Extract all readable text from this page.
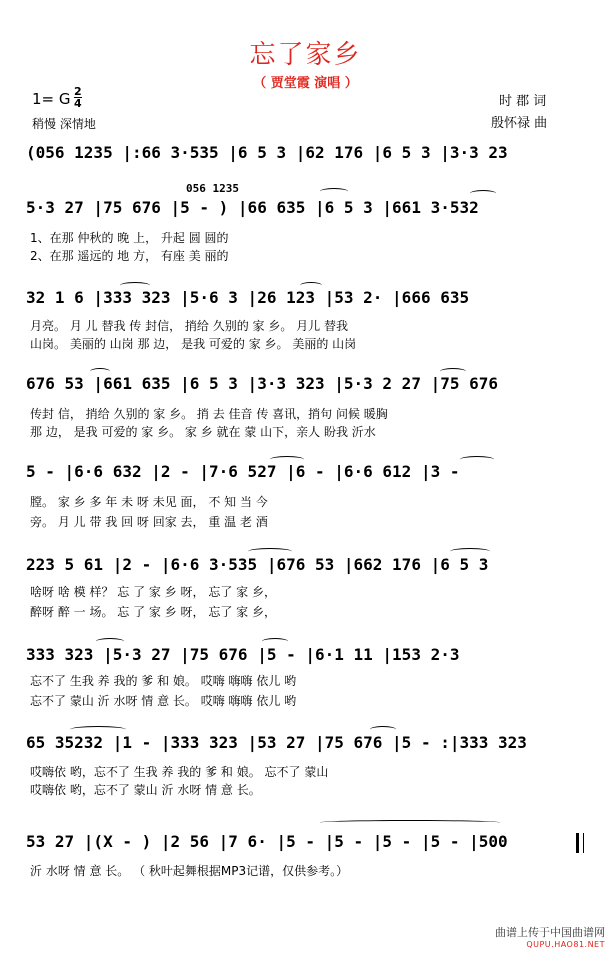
忘了家乡
（ 贾堂霞 演唱 ）
1= G $\frac{2}{4}$
稍慢 深情地
时 郡 词
殷怀禄 曲
(056 1235 |:66 3·535 |6 5 3 |62 176 |6 5 3 |3·3 23
056 1235
5·3 27 |75 676 |5 - ) |66 635 |6 5 3 |661 3·532
1、在那 仲秋的 晚 上， 升起 圆 圆的
2、在那 遥远的 地 方， 有座 美 丽的
32 1 6 |333 323 |5·6 3 |26 123 |53 2· |666 635
月亮。 月 儿 替我 传 封信， 捎给 久别的 家 乡。 月儿 替我
山岗。 美丽的 山岗 那 边， 是我 可爱的 家 乡。 美丽的 山岗
676 53 |661 635 |6 5 3 |3·3 323 |5·3 2 27 |75 676
传封 信， 捎给 久别的 家 乡。 捎 去 佳音 传 喜讯，捎句 问候 暖胸
那 边， 是我 可爱的 家 乡。 家 乡 就在 蒙 山下，亲人 盼我 沂水
5 - |6·6 632 |2 - |7·6 527 |6 - |6·6 612 |3 -
膛。 家 乡 多 年 未 呀 未见 面， 不 知 当 今
旁。 月 儿 带 我 回 呀 回家 去， 重 温 老 酒
223 5 61 |2 - |6·6 3·535 |676 53 |662 176 |6 5 3
啥呀 啥 模 样？ 忘 了 家 乡 呀， 忘了 家 乡，
醉呀 醉 一 场。 忘 了 家 乡 呀， 忘了 家 乡，
333 323 |5·3 27 |75 676 |5 - |6·1 11 |153 2·3
忘不了 生我 养 我的 爹 和 娘。 哎嗨 嗨嗨 依儿 哟
忘不了 蒙山 沂 水呀 情 意 长。 哎嗨 嗨嗨 依儿 哟
65 35232 |1 - |333 323 |53 27 |75 676 |5 - :|333 323
哎嗨依 哟，忘不了 生我 养 我的 爹 和 娘。 忘不了 蒙山
哎嗨依 哟，忘不了 蒙山 沂 水呀 情 意 长。
53 27 |(X - ) |2 56 |7 6· |5 - |5 - |5 - |5 - |500
沂 水呀 情 意 长。 （ 秋叶起舞根据MP3记谱，仅供参考。）
曲谱上传于中国曲谱网
QUPU.HAO81.NET
